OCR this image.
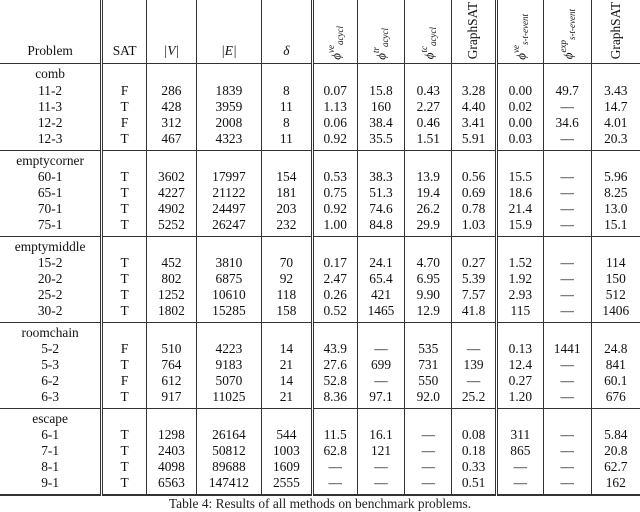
Problem	SAT	|V|	|E|	δ	$\phi^{ve}_{acycl}$	$\phi^{tr}_{acycl}$	$\phi^{tc}_{acycl}$	GraphSAT	$\phi^{ve}_{s-t-event}$	$\phi^{exp}_{s-t-event}$	GraphSAT
comb											
11-2	F	286	1839	8	0.07	15.8	0.43	3.28	0.00	49.7	3.43
11-3	T	428	3959	11	1.13	160	2.27	4.40	0.02	—	14.7
12-2	F	312	2008	8	0.06	38.4	0.46	3.41	0.00	34.6	4.01
12-3	T	467	4323	11	0.92	35.5	1.51	5.91	0.03	—	20.3
emptycorner											
60-1	T	3602	17997	154	0.53	38.3	13.9	0.56	15.5	—	5.96
65-1	T	4227	21122	181	0.75	51.3	19.4	0.69	18.6	—	8.25
70-1	T	4902	24497	203	0.92	74.6	26.2	0.78	21.4	—	13.0
75-1	T	5252	26247	232	1.00	84.8	29.9	1.03	15.9	—	15.1
emptymiddle											
15-2	T	452	3810	70	0.17	24.1	4.70	0.27	1.52	—	114
20-2	T	802	6875	92	2.47	65.4	6.95	5.39	1.92	—	150
25-2	T	1252	10610	118	0.26	421	9.90	7.57	2.93	—	512
30-2	T	1802	15285	158	0.52	1465	12.9	41.8	115	—	1406
roomchain											
5-2	F	510	4223	14	43.9	—	535	—	0.13	1441	24.8
5-3	T	764	9183	21	27.6	699	731	139	12.4	—	841
6-2	F	612	5070	14	52.8	—	550	—	0.27	—	60.1
6-3	T	917	11025	21	8.36	97.1	92.0	25.2	1.20	—	676
escape											
6-1	T	1298	26164	544	11.5	16.1	—	0.08	311	—	5.84
7-1	T	2403	50812	1003	62.8	121	—	0.18	865	—	20.8
8-1	T	4098	89688	1609	—	—	—	0.33	—	—	62.7
9-1	T	6563	147412	2555	—	—	—	0.51	—	—	162
Table 4: Results of all methods on benchmark problems.
